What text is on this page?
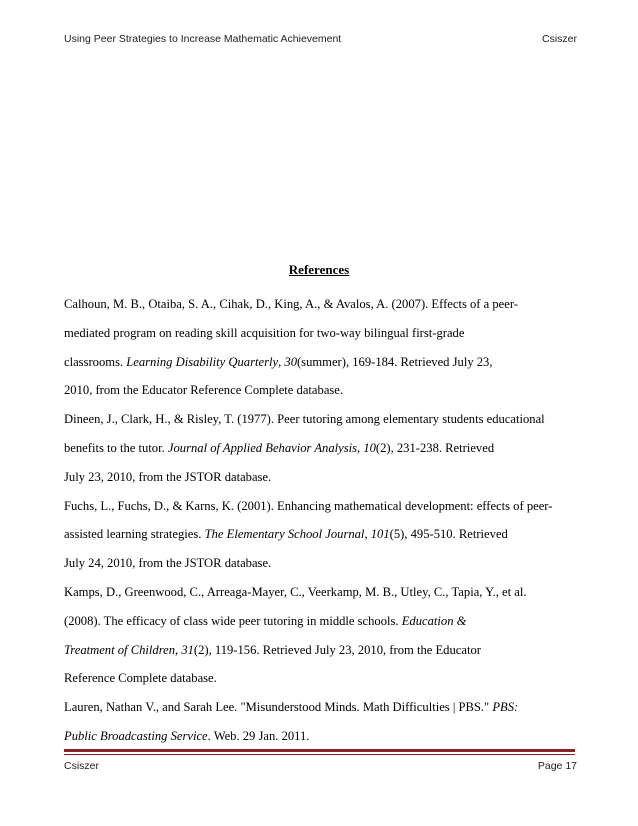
Using Peer Strategies to Increase Mathematic Achievement	Csiszer
References

Calhoun, M. B., Otaiba, S. A., Cihak, D., King, A., & Avalos, A. (2007). Effects of a peer-
mediated program on reading skill acquisition for two-way bilingual first-grade
classrooms. Learning Disability Quarterly, 30(summer), 169-184. Retrieved July 23,
2010, from the Educator Reference Complete database.

Dineen, J., Clark, H., & Risley, T. (1977). Peer tutoring among elementary students educational
benefits to the tutor. Journal of Applied Behavior Analysis, 10(2), 231-238. Retrieved
July 23, 2010, from the JSTOR database.

Fuchs, L., Fuchs, D., & Karns, K. (2001). Enhancing mathematical development: effects of peer-
assisted learning strategies. The Elementary School Journal, 101(5), 495-510. Retrieved
July 24, 2010, from the JSTOR database.

Kamps, D., Greenwood, C., Arreaga-Mayer, C., Veerkamp, M. B., Utley, C., Tapia, Y., et al.
(2008). The efficacy of class wide peer tutoring in middle schools. Education &
Treatment of Children, 31(2), 119-156. Retrieved July 23, 2010, from the Educator
Reference Complete database.

Lauren, Nathan V., and Sarah Lee. "Misunderstood Minds. Math Difficulties | PBS." PBS:
Public Broadcasting Service. Web. 29 Jan. 2011.

Csiszer	Page 17
